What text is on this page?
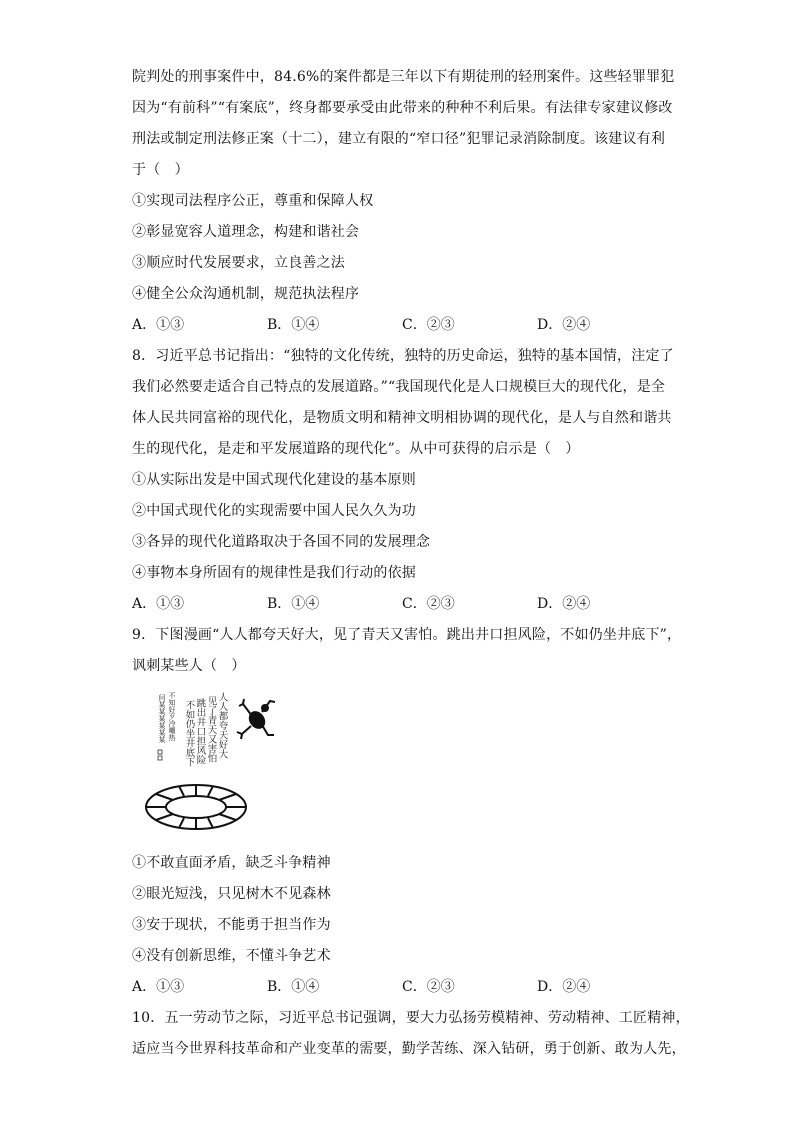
院判处的刑事案件中，84.6%的案件都是三年以下有期徒刑的轻刑案件。这些轻罪罪犯
因为“有前科”“有案底”，终身都要承受由此带来的种种不利后果。有法律专家建议修改
刑法或制定刑法修正案（十二），建立有限的“窄口径”犯罪记录消除制度。该建议有利
于（　）
①实现司法程序公正，尊重和保障人权
②彰显宽容人道理念，构建和谐社会
③顺应时代发展要求，立良善之法
④健全公众沟通机制，规范执法程序
A．①③	B．①④	C．②③	D．②④
8．习近平总书记指出：“独特的文化传统，独特的历史命运，独特的基本国情，注定了
我们必然要走适合自己特点的发展道路。”“我国现代化是人口规模巨大的现代化，是全
体人民共同富裕的现代化，是物质文明和精神文明相协调的现代化，是人与自然和谐共
生的现代化，是走和平发展道路的现代化”。从中可获得的启示是（　）
①从实际出发是中国式现代化建设的基本原则
②中国式现代化的实现需要中国人民久久为功
③各异的现代化道路取决于各国不同的发展理念
④事物本身所固有的规律性是我们行动的依据
A．①③	B．①④	C．②③	D．②④
9．下图漫画“人人都夸天好大，见了青天又害怕。跳出井口担风险，不如仍坐井底下”，
讽刺某些人（　）
人人都夸天好大
见了青天又害怕
跳出井口担风险
不如仍坐井底下
不知好歹冷嘲热
问某某某某某某
①不敢直面矛盾，缺乏斗争精神
②眼光短浅，只见树木不见森林
③安于现状，不能勇于担当作为
④没有创新思维，不懂斗争艺术
A．①③	B．①④	C．②③	D．②④
10．五一劳动节之际，习近平总书记强调，要大力弘扬劳模精神、劳动精神、工匠精神，
适应当今世界科技革命和产业变革的需要，勤学苦练、深入钻研，勇于创新、敢为人先，
